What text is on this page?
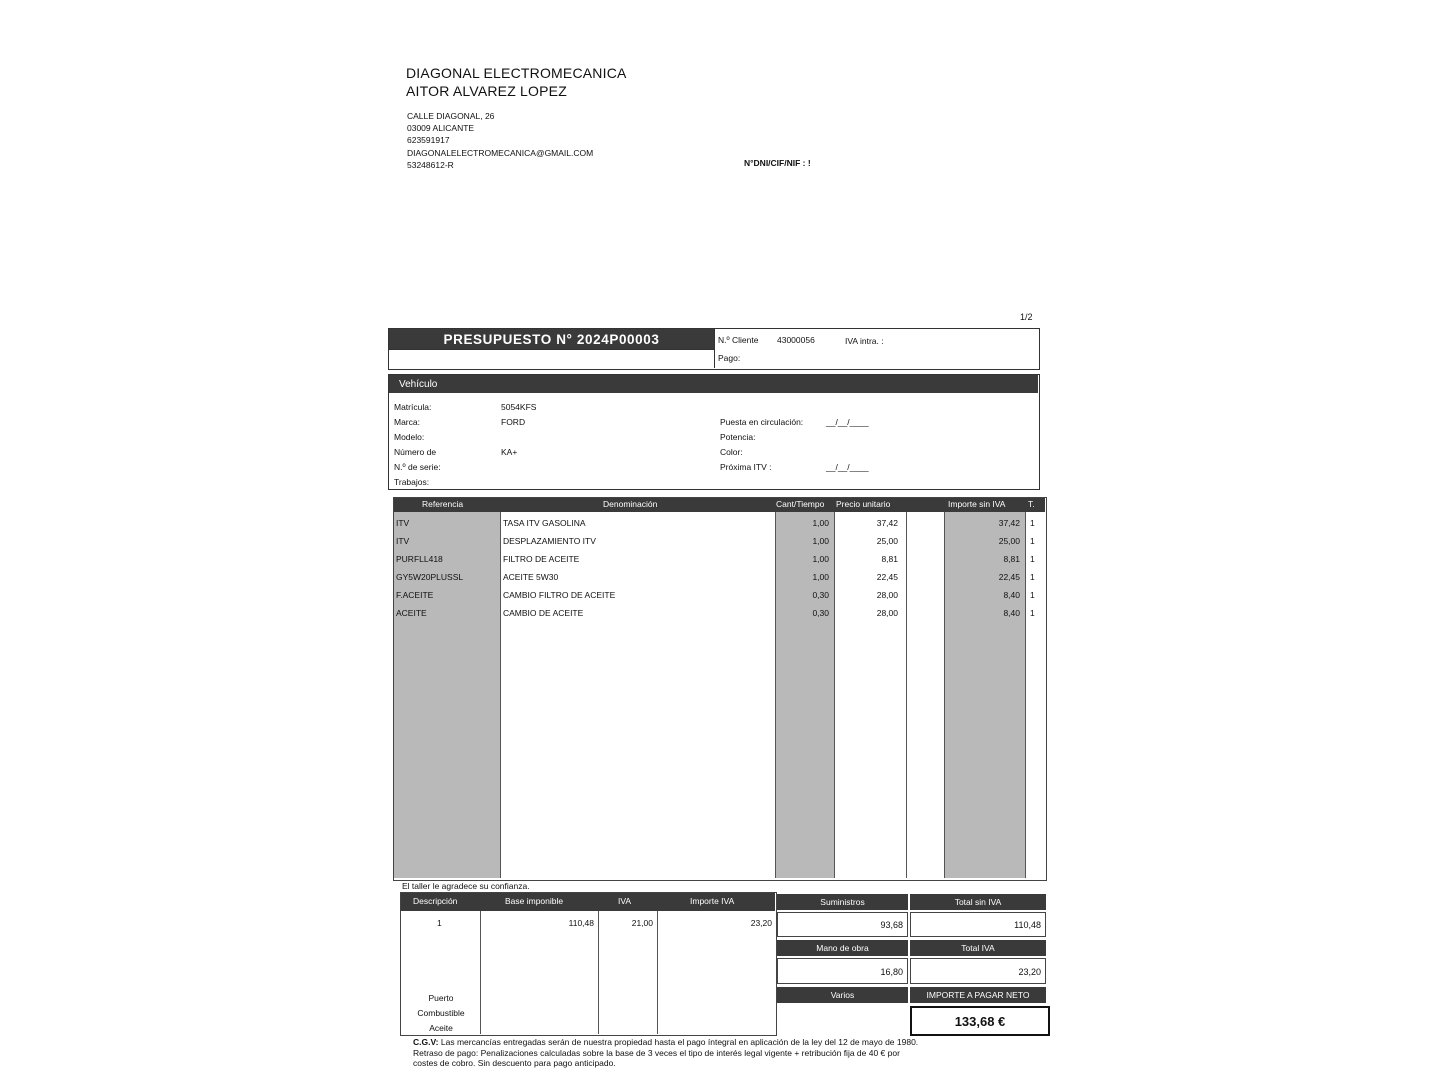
DIAGONAL ELECTROMECANICA
AITOR ALVAREZ LOPEZ
CALLE DIAGONAL, 26
03009 ALICANTE
623591917
DIAGONALELECTROMECANICA@GMAIL.COM
53248612-R	N°DNI/CIF/NIF : !
1/2
PRESUPUESTO N° 2024P00003	N.º Cliente 43000056	IVA intra. :
Pago:
Vehículo
Matrícula:	5054KFS
Marca:	FORD
Modelo:
Número de	KA+
N.º de serie:
Trabajos:
Puesta en circulación:	__/__/____
Potencia:
Color:
Próxima ITV :	__/__/____
Referencia	Denominación	Cant/Tiempo Precio unitario	Importe sin IVA	T.
ITV	TASA ITV GASOLINA	1,00	37,42	37,42 1
ITV	DESPLAZAMIENTO ITV	1,00	25,00	25,00 1
PURFLL418	FILTRO DE ACEITE	1,00	8,81	8,81 1
GY5W20PLUSSL	ACEITE 5W30	1,00	22,45	22,45 1
F.ACEITE	CAMBIO FILTRO DE ACEITE	0,30	28,00	8,40 1
ACEITE	CAMBIO DE ACEITE	0,30	28,00	8,40 1
El taller le agradece su confianza.
Descripción	Base imponible	IVA	Importe IVA
1	110,48	21,00	23,20
Puerto
Combustible
Aceite
Suministros	Total sin IVA
93,68	110,48
Mano de obra	Total IVA
16,80	23,20
Varios	IMPORTE A PAGAR NETO
133,68 €
C.G.V: Las mercancías entregadas serán de nuestra propiedad hasta el pago íntegral en aplicación de la ley del 12 de mayo de 1980.
Retraso de pago: Penalizaciones calculadas sobre la base de 3 veces el tipo de interés legal vigente + retribución fija de 40 € por
costes de cobro. Sin descuento para pago anticipado.
